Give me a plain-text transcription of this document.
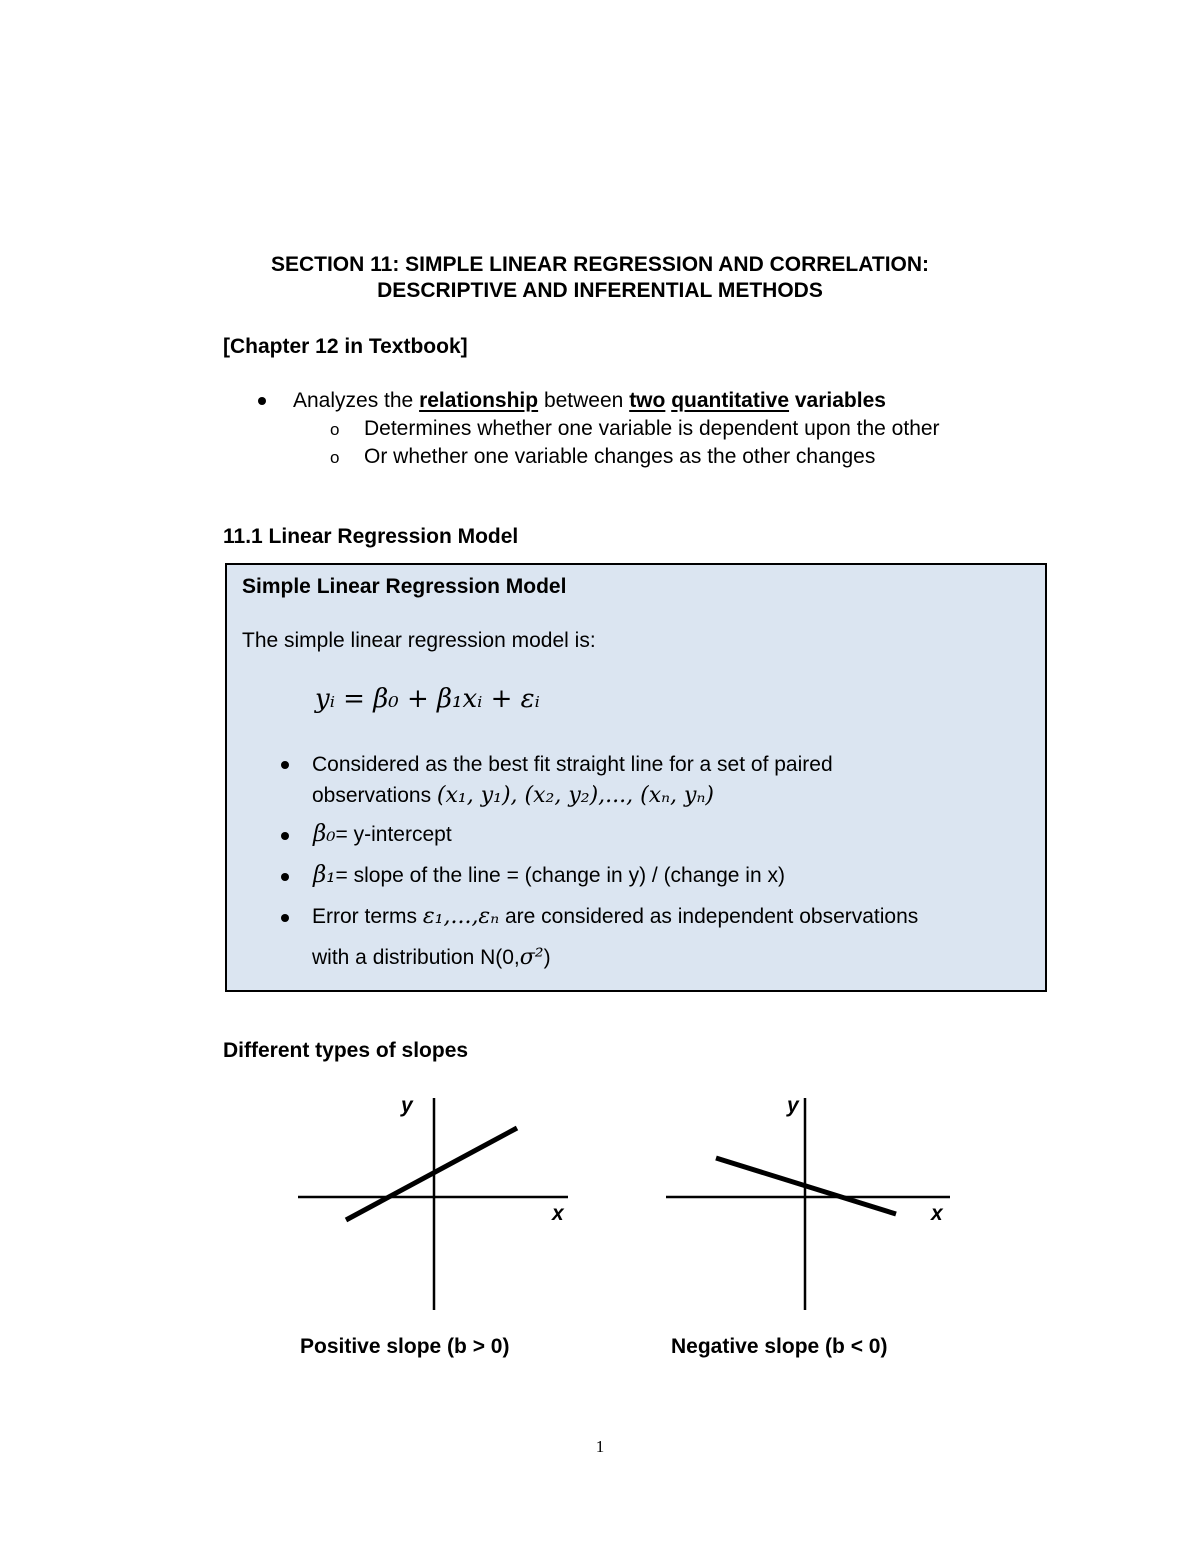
SECTION 11: SIMPLE LINEAR REGRESSION AND CORRELATION:
DESCRIPTIVE AND INFERENTIAL METHODS
[Chapter 12 in Textbook]
Analyzes the relationship between two quantitative variables
o Determines whether one variable is dependent upon the other
o Or whether one variable changes as the other changes
11.1 Linear Regression Model
Simple Linear Regression Model
The simple linear regression model is:
yᵢ = β₀ + β₁xᵢ + εᵢ
Considered as the best fit straight line for a set of paired
observations (x₁, y₁), (x₂, y₂),..., (xₙ, yₙ)
β₀= y-intercept
β₁= slope of the line = (change in y) / (change in x)
Error terms ε₁,...,εₙ are considered as independent observations
with a distribution N(0,σ²)
Different types of slopes
y
x
Positive slope (b > 0)
y
x
Negative slope (b < 0)
1
